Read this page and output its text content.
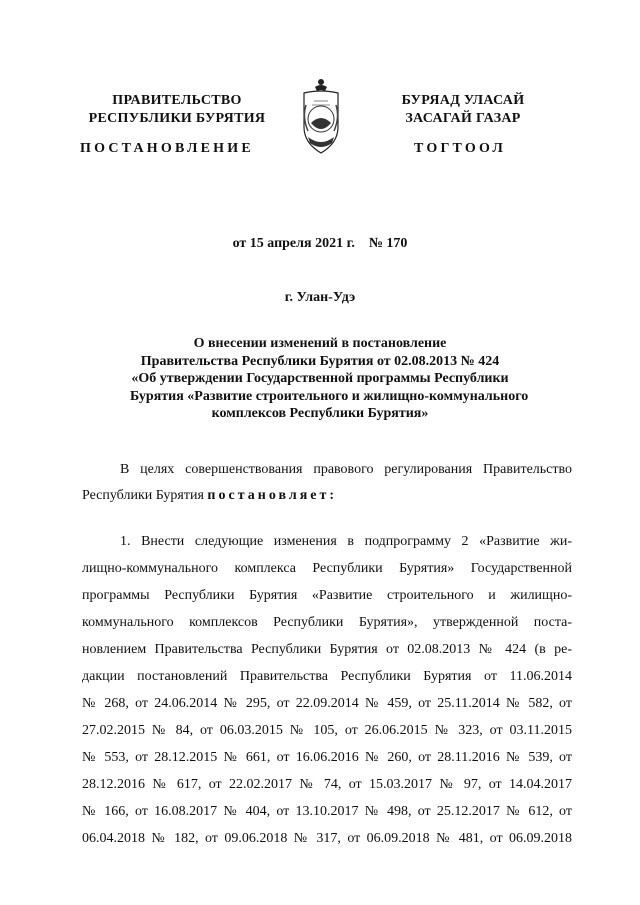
ПРАВИТЕЛЬСТВО
РЕСПУБЛИКИ БУРЯТИЯ
БУРЯАД УЛАСАЙ
ЗАСАГАЙ ГАЗАР
ПОСТАНОВЛЕНИЕ	ТОГТООЛ
от 15 апреля 2021 г. № 170
г. Улан-Удэ
О внесении изменений в постановление
Правительства Республики Бурятия от 02.08.2013 № 424
«Об утверждении Государственной программы Республики
Бурятия «Развитие строительного и жилищно-коммунального
комплексов Республики Бурятия»
В целях совершенствования правового регулирования Правительство
Республики Бурятия постановляет:
1. Внести следующие изменения в подпрограмму 2 «Развитие жи-
лищно-коммунального комплекса Республики Бурятия» Государственной
программы Республики Бурятия «Развитие строительного и жилищно-
коммунального комплексов Республики Бурятия», утвержденной поста-
новлением Правительства Республики Бурятия от 02.08.2013 № 424 (в ре-
дакции постановлений Правительства Республики Бурятия от 11.06.2014
№ 268, от 24.06.2014 № 295, от 22.09.2014 № 459, от 25.11.2014 № 582, от
27.02.2015 № 84, от 06.03.2015 № 105, от 26.06.2015 № 323, от 03.11.2015
№ 553, от 28.12.2015 № 661, от 16.06.2016 № 260, от 28.11.2016 № 539, от
28.12.2016 № 617, от 22.02.2017 № 74, от 15.03.2017 № 97, от 14.04.2017
№ 166, от 16.08.2017 № 404, от 13.10.2017 № 498, от 25.12.2017 № 612, от
06.04.2018 № 182, от 09.06.2018 № 317, от 06.09.2018 № 481, от 06.09.2018
